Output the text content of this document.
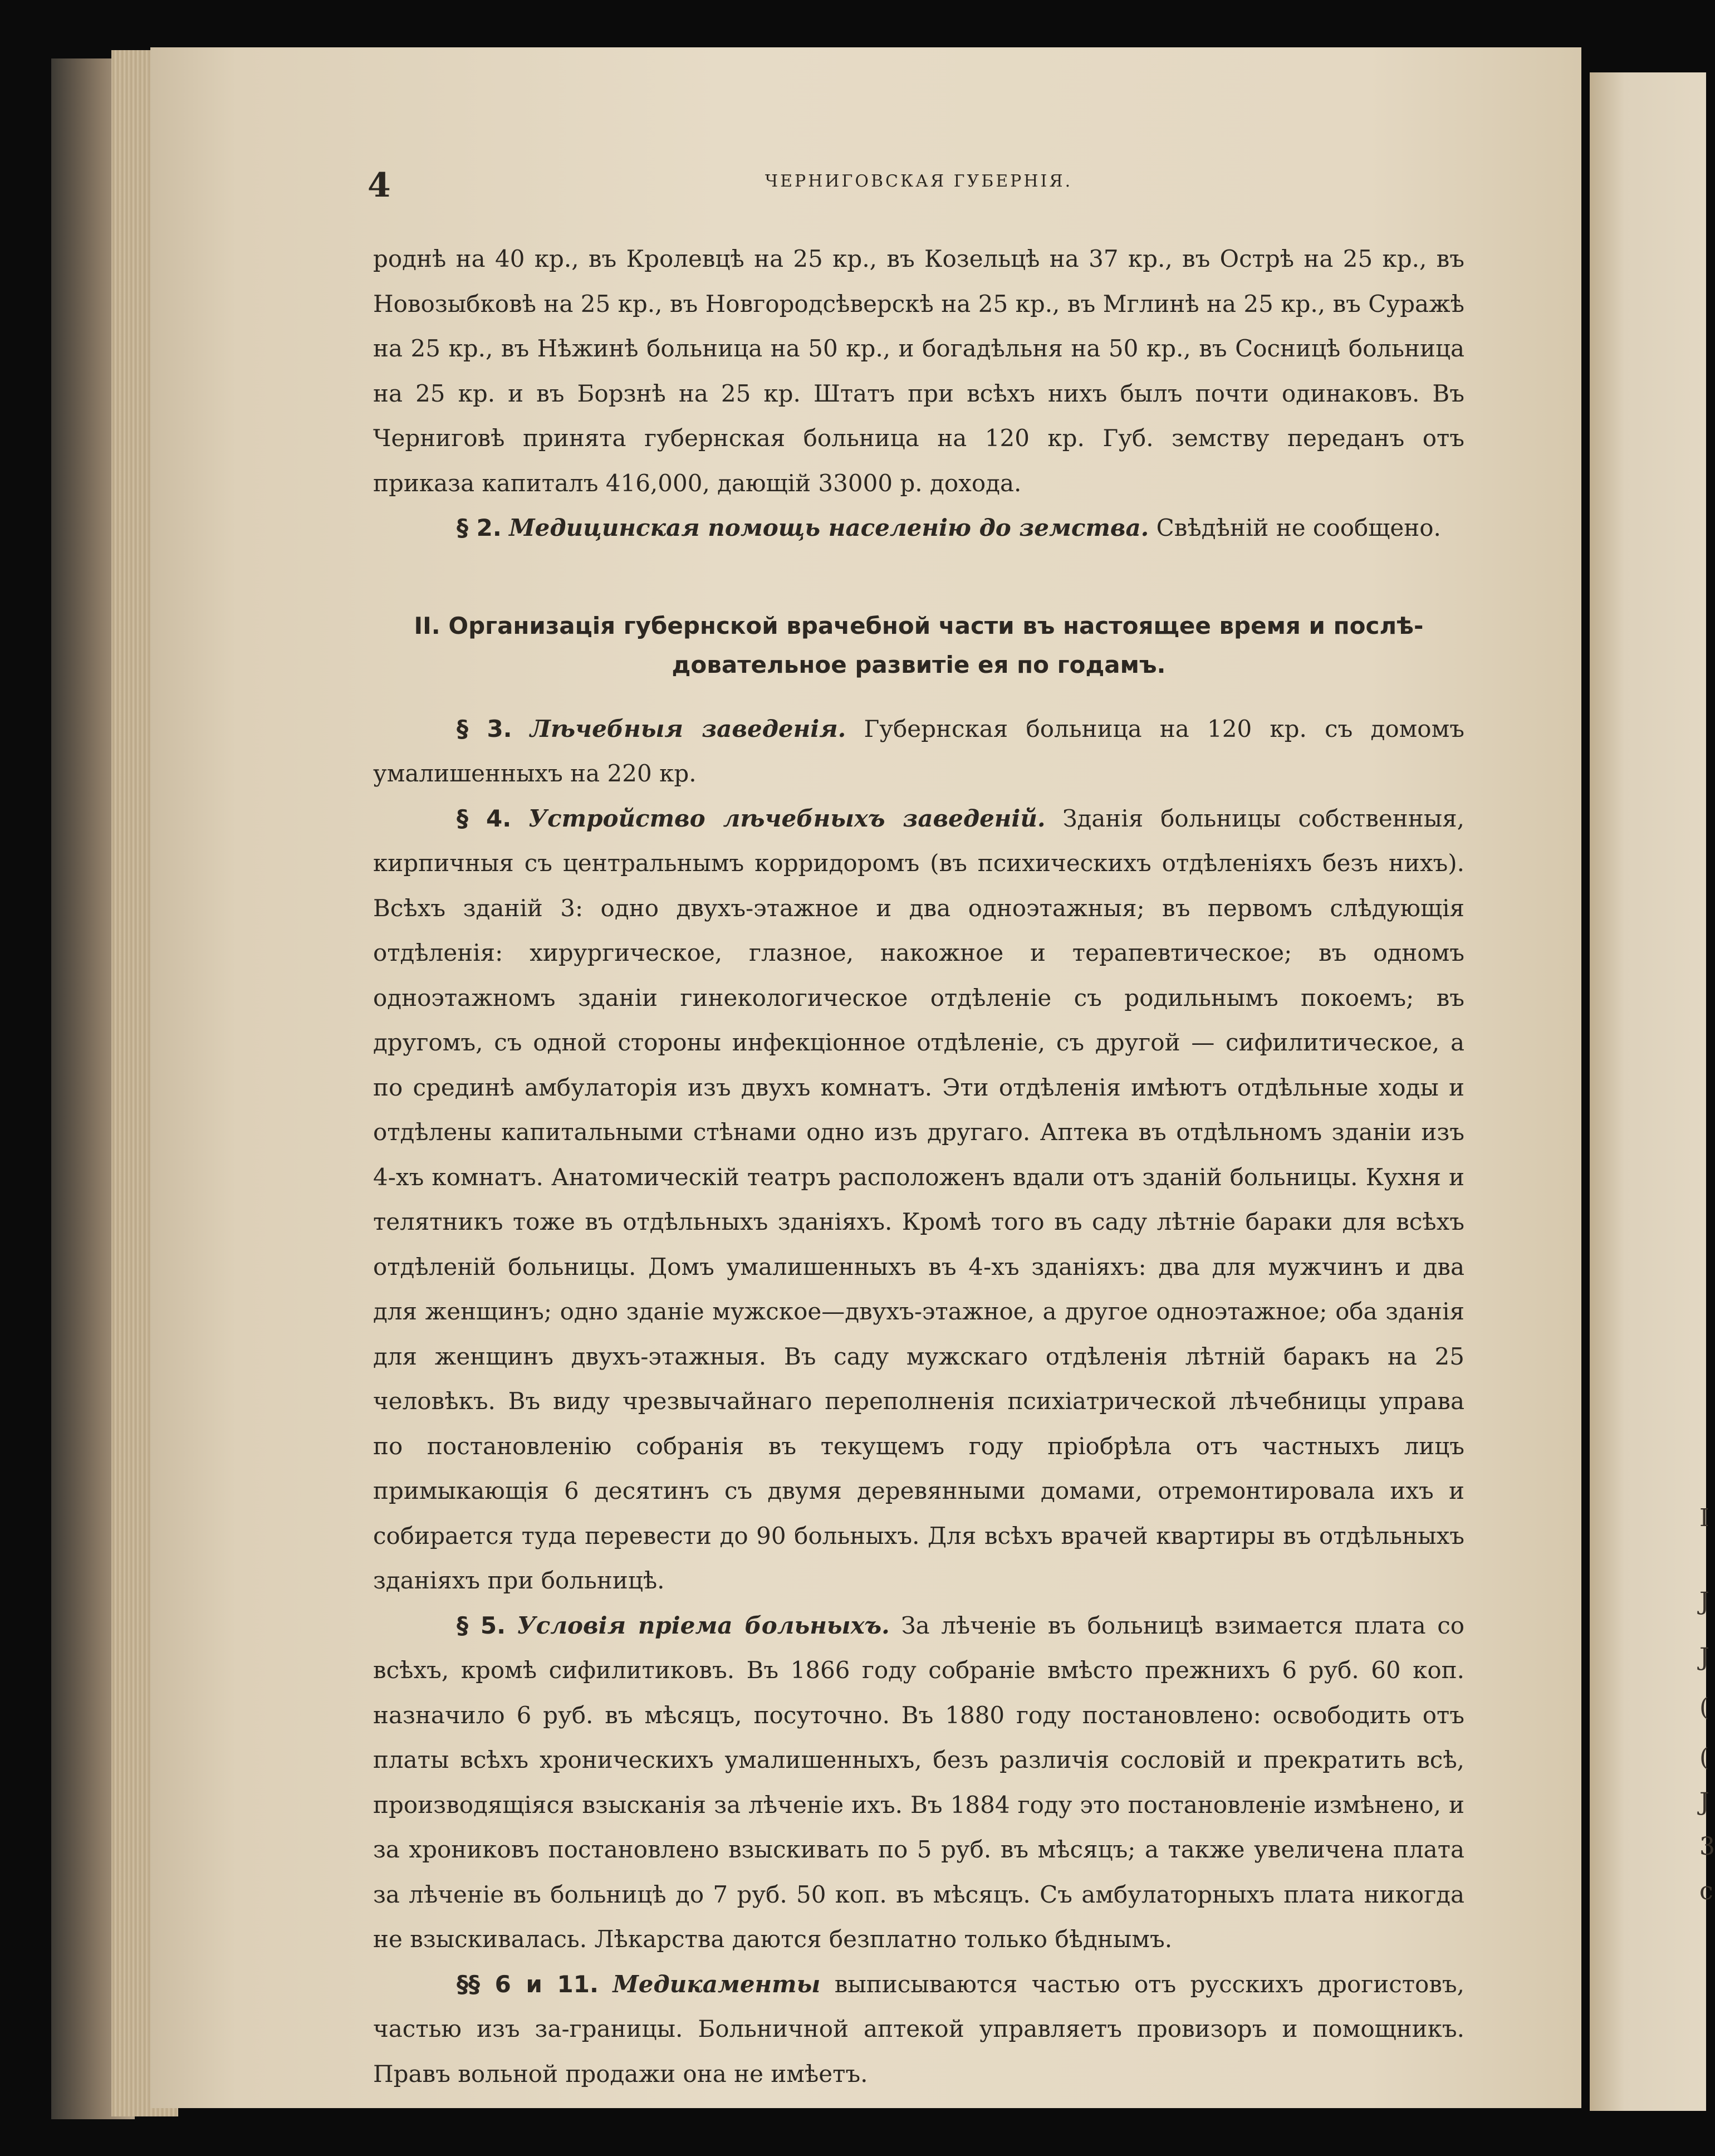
I
J
J
(
(
J
3
c
4	ЧЕРНИГОВСКАЯ ГУБЕРНІЯ.

роднѣ на 40 кр., въ Кролевцѣ на 25 кр., въ Козельцѣ на 37 кр., въ Острѣ на 25 кр., въ Новозыбковѣ на 25 кр., въ Новгородсѣверскѣ на 25 кр., въ Мглинѣ на 25 кр., въ Суражѣ на 25 кр., въ Нѣжинѣ больница на 50 кр., и богадѣльня на 50 кр., въ Сосницѣ больница на 25 кр. и въ Борзнѣ на 25 кр. Штатъ при всѣхъ нихъ былъ почти одинаковъ. Въ Черниговѣ принята губернская больница на 120 кр. Губ. земству переданъ отъ приказа капиталъ 416,000, дающій 33000 р. дохода.

§ 2. Медицинская помощь населенію до земства. Свѣдѣній не сообщено.

II. Организація губернской врачебной части въ настоящее время и послѣ-
довательное развитіе ея по годамъ.

§ 3. Лѣчебныя заведенія. Губернская больница на 120 кр. съ домомъ умалишенныхъ на 220 кр.

§ 4. Устройство лѣчебныхъ заведеній. Зданія больницы собственныя, кирпичныя съ центральнымъ корридоромъ (въ психическихъ отдѣленіяхъ безъ нихъ). Всѣхъ зданій 3: одно двухъ-этажное и два одноэтажныя; въ первомъ слѣдующія отдѣленія: хирургическое, глазное, накожное и терапевтическое; въ одномъ одноэтажномъ зданіи гинекологическое отдѣленіе съ родильнымъ покоемъ; въ другомъ, съ одной стороны инфекціонное отдѣленіе, съ другой — сифилитическое, а по срединѣ амбулаторія изъ двухъ комнатъ. Эти отдѣленія имѣютъ отдѣльные ходы и отдѣлены капитальными стѣнами одно изъ другаго. Аптека въ отдѣльномъ зданіи изъ 4-хъ комнатъ. Анатомическій театръ расположенъ вдали отъ зданій больницы. Кухня и телятникъ тоже въ отдѣльныхъ зданіяхъ. Кромѣ того въ саду лѣтніе бараки для всѣхъ отдѣленій больницы. Домъ умалишенныхъ въ 4-хъ зданіяхъ: два для мужчинъ и два для женщинъ; одно зданіе мужское—двухъ-этажное, а другое одноэтажное; оба зданія для женщинъ двухъ-этажныя. Въ саду мужскаго отдѣленія лѣтній баракъ на 25 человѣкъ. Въ виду чрезвычайнаго переполненія психіатрической лѣчебницы управа по постановленію собранія въ текущемъ году пріобрѣла отъ частныхъ лицъ примыкающія 6 десятинъ съ двумя деревянными домами, отремонтировала ихъ и собирается туда перевести до 90 больныхъ. Для всѣхъ врачей квартиры въ отдѣльныхъ зданіяхъ при больницѣ.

§ 5. Условія пріема больныхъ. За лѣченіе въ больницѣ взимается плата со всѣхъ, кромѣ сифилитиковъ. Въ 1866 году собраніе вмѣсто прежнихъ 6 руб. 60 коп. назначило 6 руб. въ мѣсяцъ, посуточно. Въ 1880 году постановлено: освободить отъ платы всѣхъ хроническихъ умалишенныхъ, безъ различія сословій и прекратить всѣ, производящіяся взысканія за лѣченіе ихъ. Въ 1884 году это постановленіе измѣнено, и за хрониковъ постановлено взыскивать по 5 руб. въ мѣсяцъ; а также увеличена плата за лѣченіе въ больницѣ до 7 руб. 50 коп. въ мѣсяцъ. Съ амбулаторныхъ плата никогда не взыскивалась. Лѣкарства даются безплатно только бѣднымъ.

§§ 6 и 11. Медикаменты выписываются частью отъ русскихъ дрогистовъ, частью изъ за-границы. Больничной аптекой управляетъ провизоръ и помощникъ. Правъ вольной продажи она не имѣетъ.
